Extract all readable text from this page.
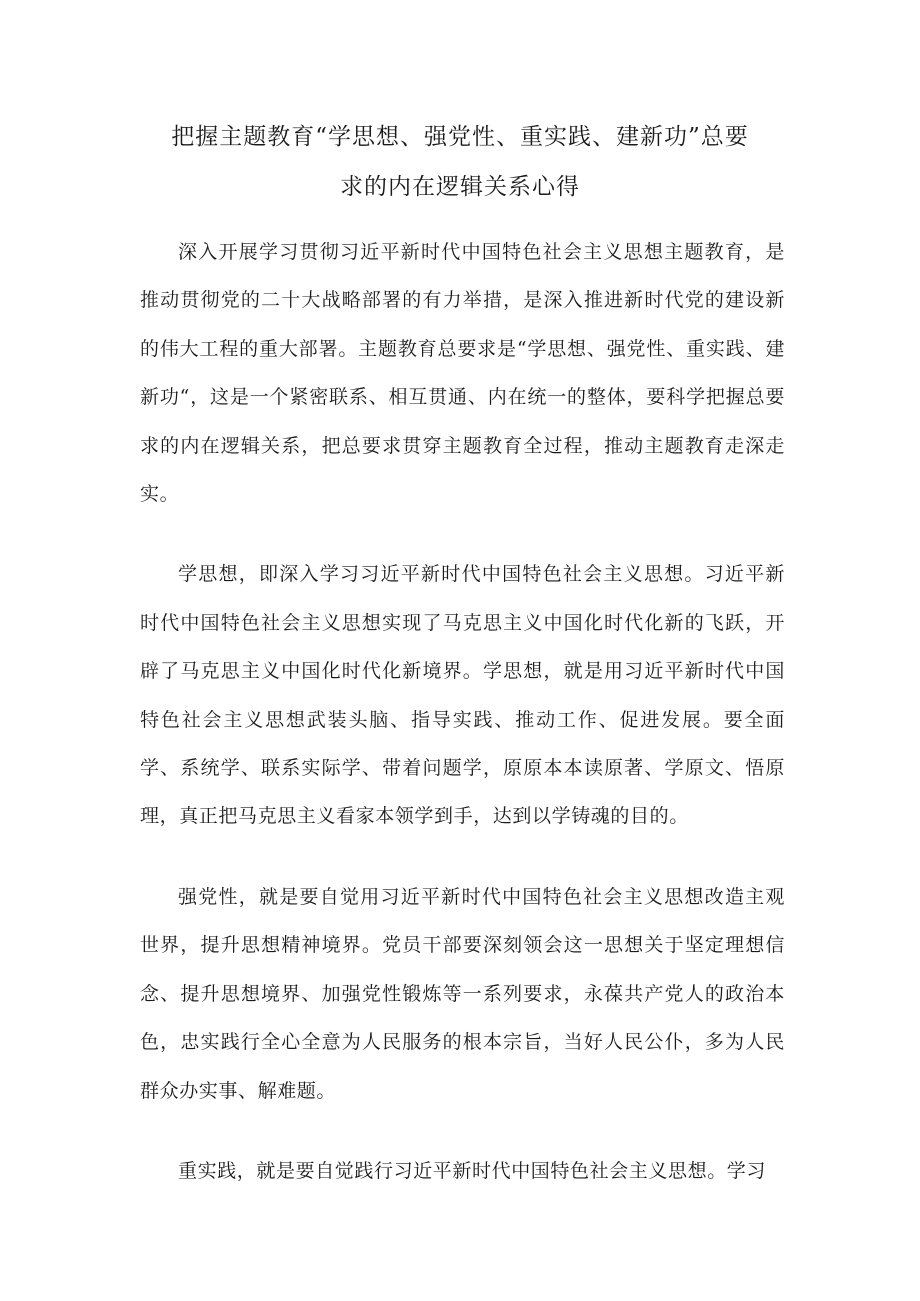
把握主题教育“学思想、强党性、重实践、建新功”总要
求的内在逻辑关系心得

深入开展学习贯彻习近平新时代中国特色社会主义思想主题教育，是推动贯彻党的二十大战略部署的有力举措，是深入推进新时代党的建设新的伟大工程的重大部署。主题教育总要求是“学思想、强党性、重实践、建新功“，这是一个紧密联系、相互贯通、内在统一的整体，要科学把握总要求的内在逻辑关系，把总要求贯穿主题教育全过程，推动主题教育走深走实。

学思想，即深入学习习近平新时代中国特色社会主义思想。习近平新时代中国特色社会主义思想实现了马克思主义中国化时代化新的飞跃，开辟了马克思主义中国化时代化新境界。学思想，就是用习近平新时代中国特色社会主义思想武装头脑、指导实践、推动工作、促进发展。要全面学、系统学、联系实际学、带着问题学，原原本本读原著、学原文、悟原理，真正把马克思主义看家本领学到手，达到以学铸魂的目的。

强党性，就是要自觉用习近平新时代中国特色社会主义思想改造主观世界，提升思想精神境界。党员干部要深刻领会这一思想关于坚定理想信念、提升思想境界、加强党性锻炼等一系列要求，永葆共产党人的政治本色，忠实践行全心全意为人民服务的根本宗旨，当好人民公仆，多为人民群众办实事、解难题。

重实践，就是要自觉践行习近平新时代中国特色社会主义思想。学习
